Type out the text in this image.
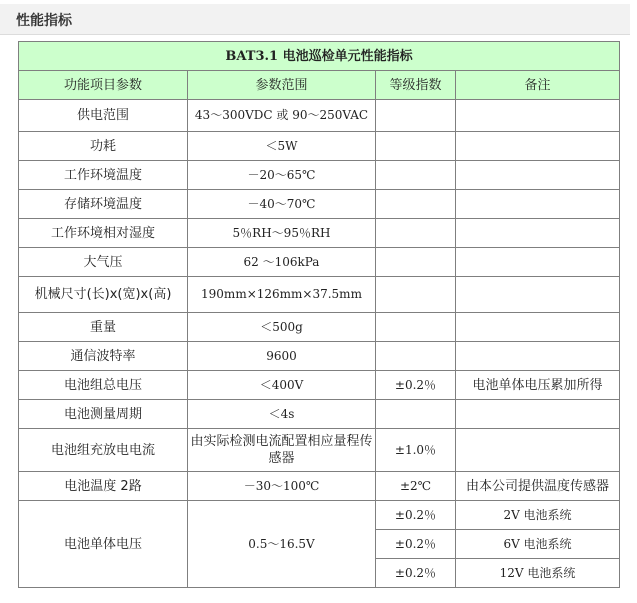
性能指标
BAT3.1 电池巡检单元性能指标			
功能项目参数	参数范围	等级指数	备注
供电范围	43～300VDC 或 90～250VAC		
功耗	＜5W		
工作环境温度	－20～65℃		
存储环境温度	－40～70℃		
工作环境相对湿度	5％RH～95％RH		
大气压	62 ～106kPa		
机械尺寸(长)x(宽)x(高)	190mm×126mm×37.5mm		
重量	＜500g		
通信波特率	9600		
电池组总电压	＜400V	±0.2％	电池单体电压累加所得
电池测量周期	＜4s		
电池组充放电电流	由实际检测电流配置相应量程传感器	±1.0％	
电池温度 2路	－30～100℃	±2℃	由本公司提供温度传感器
电池单体电压	0.5～16.5V	±0.2％	2V 电池系统
		±0.2％	6V 电池系统
		±0.2％	12V 电池系统
